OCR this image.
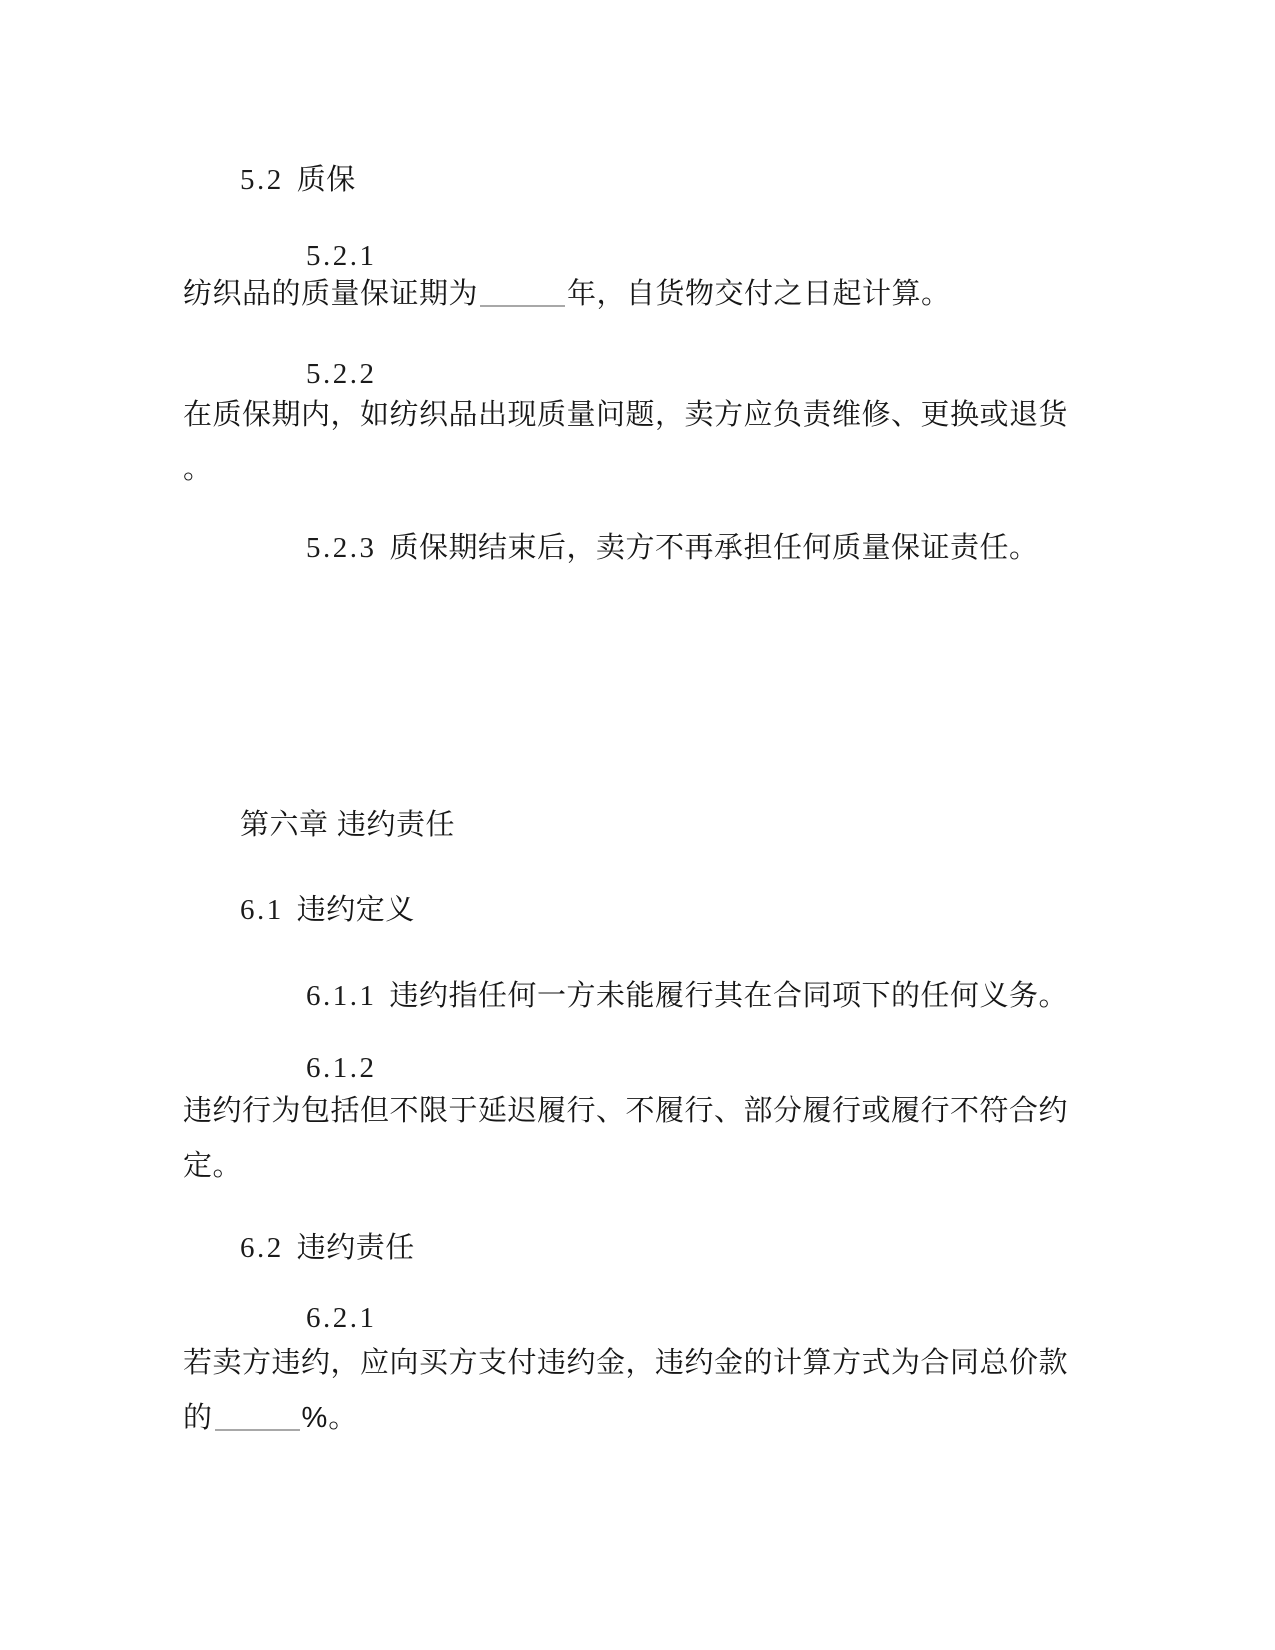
5.2 质保
5.2.1
纺织品的质量保证期为	年，自货物交付之日起计算。
5.2.2
在质保期内，如纺织品出现质量问题，卖方应负责维修、更换或退货
。
5.2.3 质保期结束后，卖方不再承担任何质量保证责任。
第六章 违约责任
6.1 违约定义
6.1.1 违约指任何一方未能履行其在合同项下的任何义务。
6.1.2
违约行为包括但不限于延迟履行、不履行、部分履行或履行不符合约
定。
6.2 违约责任
6.2.1
若卖方违约，应向买方支付违约金，违约金的计算方式为合同总价款
的	%。
